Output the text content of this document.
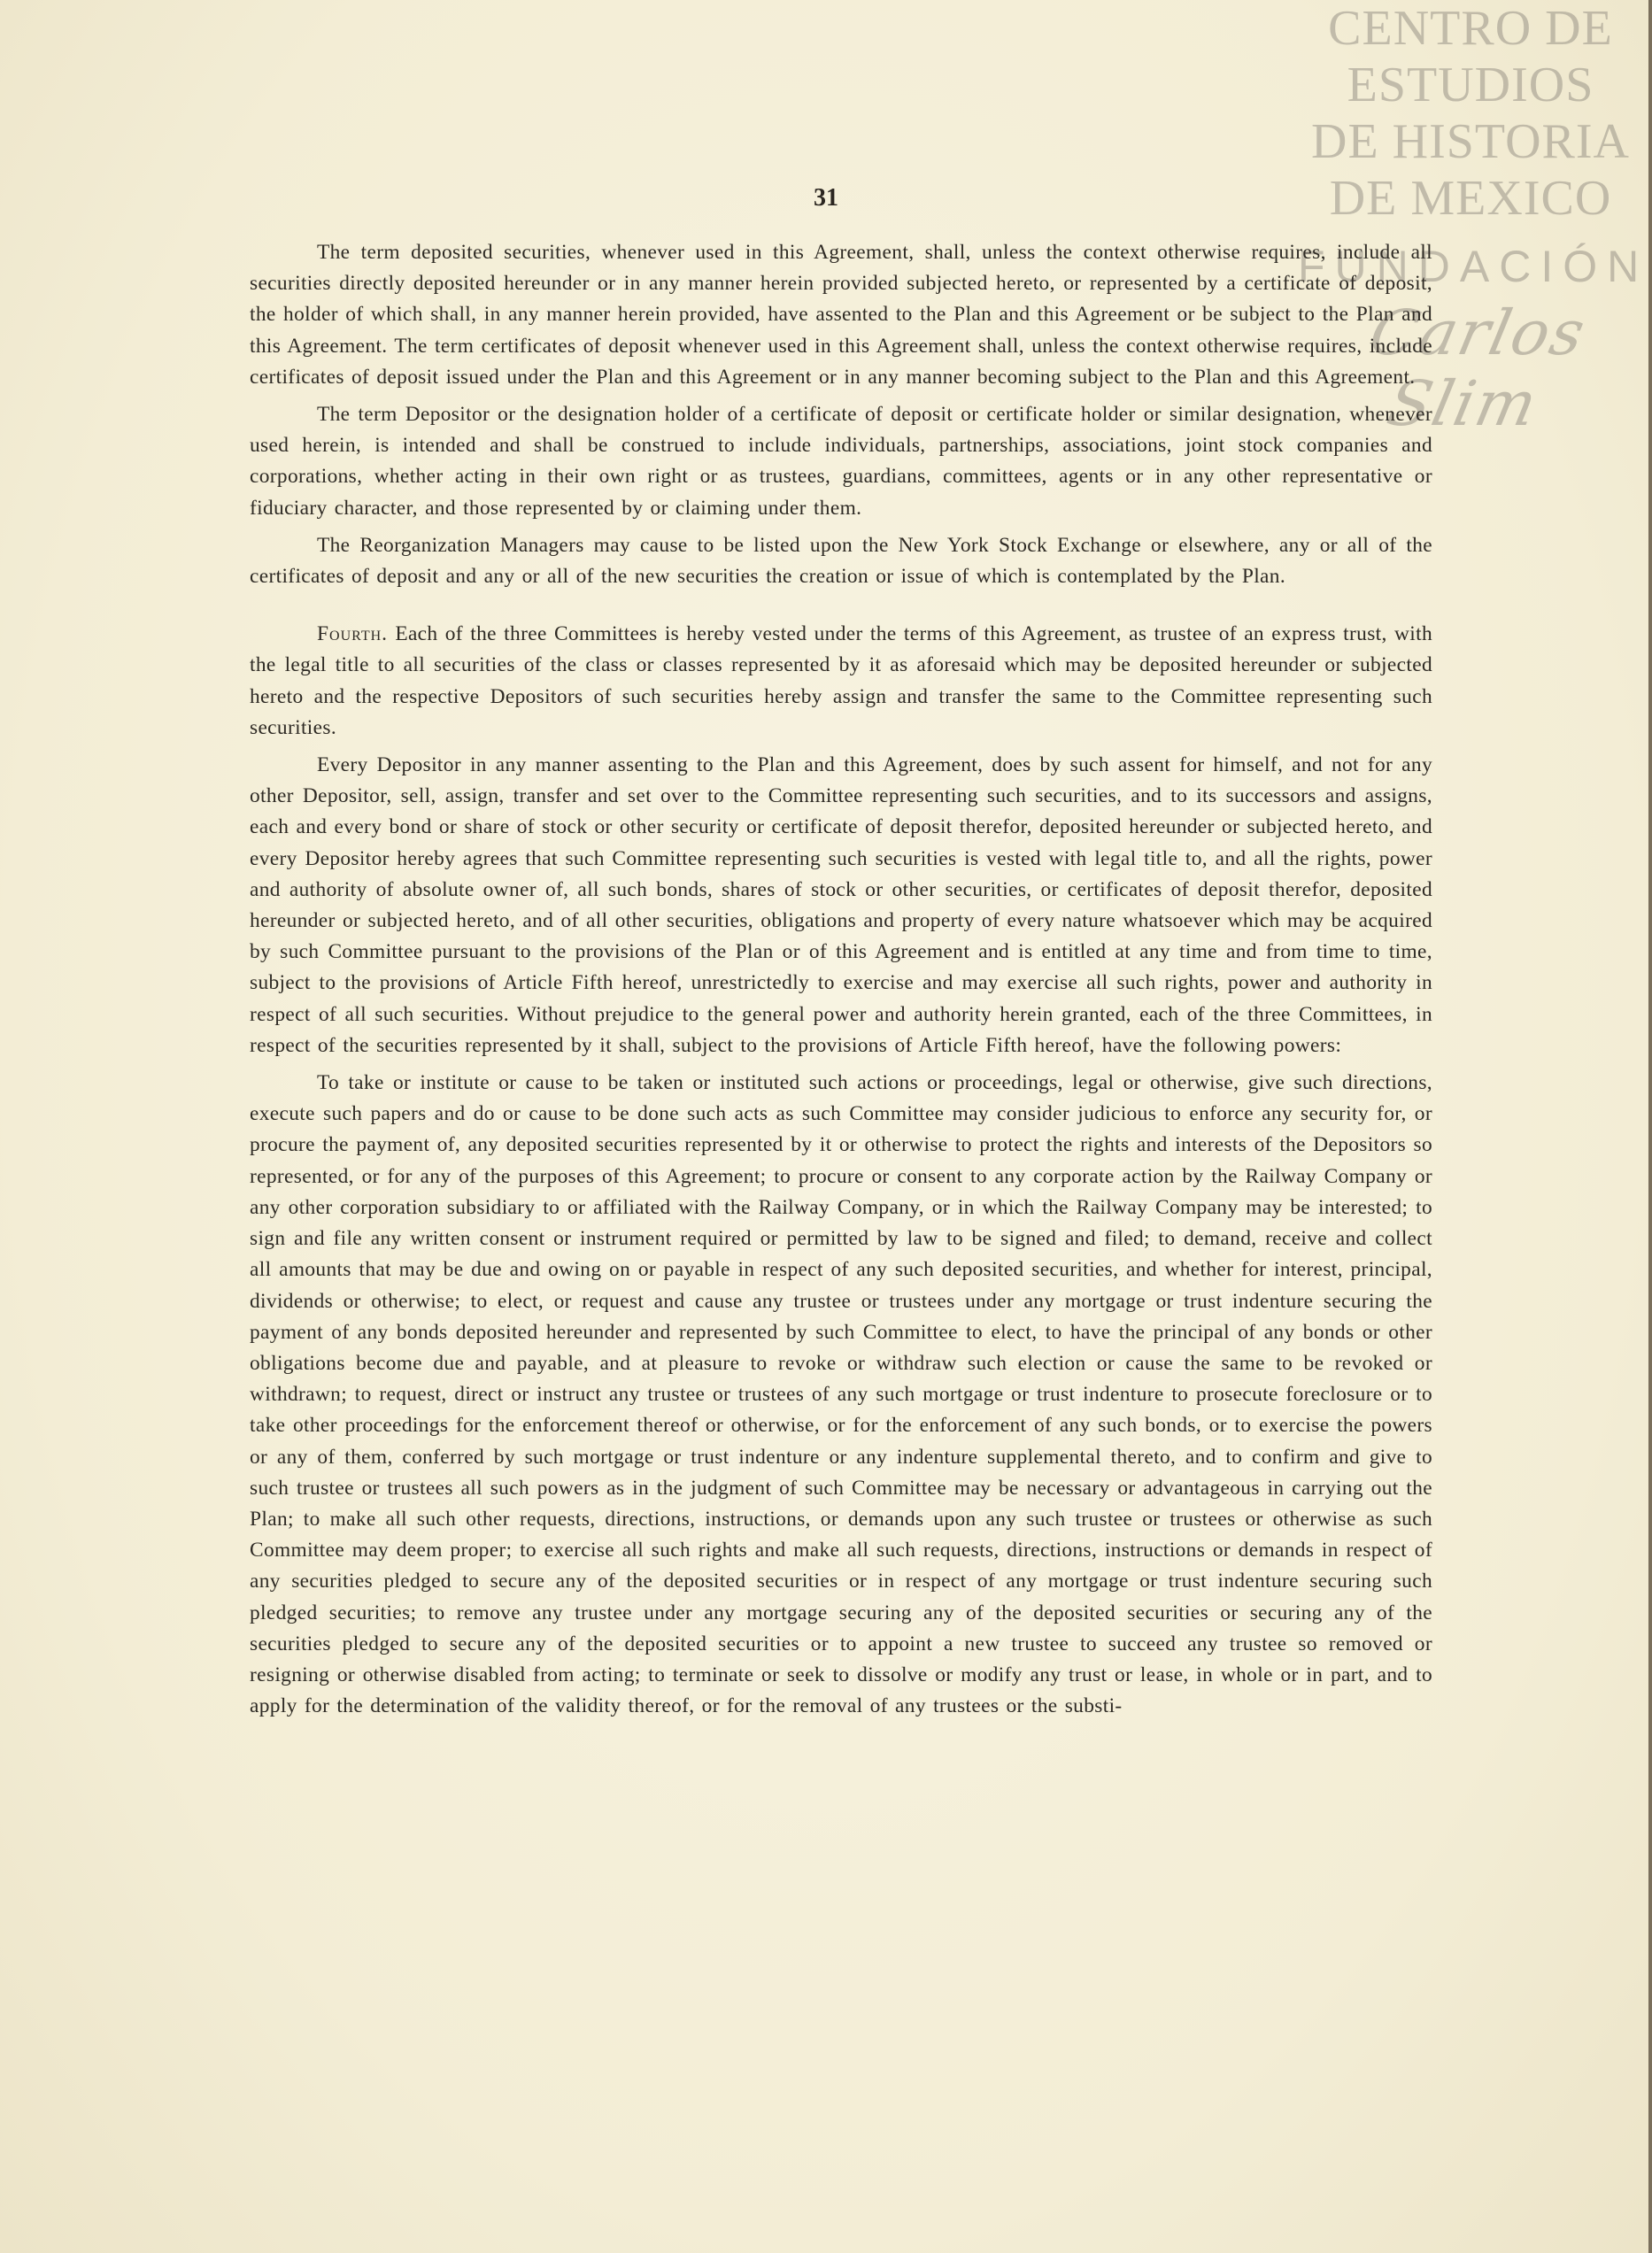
CENTRO DE
ESTUDIOS
DE HISTORIA
DE MEXICO
FUNDACIÓN
Carlos Slim
31

The term deposited securities, whenever used in this Agreement, shall, unless the context otherwise requires, include all securities directly deposited hereunder or in any manner herein provided subjected hereto, or represented by a certificate of deposit, the holder of which shall, in any manner herein provided, have assented to the Plan and this Agreement or be subject to the Plan and this Agreement. The term certificates of deposit whenever used in this Agreement shall, unless the context otherwise requires, include certificates of deposit issued under the Plan and this Agreement or in any manner becoming subject to the Plan and this Agreement.

The term Depositor or the designation holder of a certificate of deposit or certificate holder or similar designation, whenever used herein, is intended and shall be construed to include individuals, partnerships, associations, joint stock companies and corporations, whether acting in their own right or as trustees, guardians, committees, agents or in any other representative or fiduciary character, and those represented by or claiming under them.

The Reorganization Managers may cause to be listed upon the New York Stock Exchange or elsewhere, any or all of the certificates of deposit and any or all of the new securities the creation or issue of which is contemplated by the Plan.

Fourth. Each of the three Committees is hereby vested under the terms of this Agreement, as trustee of an express trust, with the legal title to all securities of the class or classes represented by it as aforesaid which may be deposited hereunder or subjected hereto and the respective Depositors of such securities hereby assign and transfer the same to the Committee representing such securities.

Every Depositor in any manner assenting to the Plan and this Agreement, does by such assent for himself, and not for any other Depositor, sell, assign, transfer and set over to the Committee representing such securities, and to its successors and assigns, each and every bond or share of stock or other security or certificate of deposit therefor, deposited hereunder or subjected hereto, and every Depositor hereby agrees that such Committee representing such securities is vested with legal title to, and all the rights, power and authority of absolute owner of, all such bonds, shares of stock or other securities, or certificates of deposit therefor, deposited hereunder or subjected hereto, and of all other securities, obligations and property of every nature whatsoever which may be acquired by such Committee pursuant to the provisions of the Plan or of this Agreement and is entitled at any time and from time to time, subject to the provisions of Article Fifth hereof, unrestrictedly to exercise and may exercise all such rights, power and authority in respect of all such securities. Without prejudice to the general power and authority herein granted, each of the three Committees, in respect of the securities represented by it shall, subject to the provisions of Article Fifth hereof, have the following powers:

To take or institute or cause to be taken or instituted such actions or proceedings, legal or otherwise, give such directions, execute such papers and do or cause to be done such acts as such Committee may consider judicious to enforce any security for, or procure the payment of, any deposited securities represented by it or otherwise to protect the rights and interests of the Depositors so represented, or for any of the purposes of this Agreement; to procure or consent to any corporate action by the Railway Company or any other corporation subsidiary to or affiliated with the Railway Company, or in which the Railway Company may be interested; to sign and file any written consent or instrument required or permitted by law to be signed and filed; to demand, receive and collect all amounts that may be due and owing on or payable in respect of any such deposited securities, and whether for interest, principal, dividends or otherwise; to elect, or request and cause any trustee or trustees under any mortgage or trust indenture securing the payment of any bonds deposited hereunder and represented by such Committee to elect, to have the principal of any bonds or other obligations become due and payable, and at pleasure to revoke or withdraw such election or cause the same to be revoked or withdrawn; to request, direct or instruct any trustee or trustees of any such mortgage or trust indenture to prosecute foreclosure or to take other proceedings for the enforcement thereof or otherwise, or for the enforcement of any such bonds, or to exercise the powers or any of them, conferred by such mortgage or trust indenture or any indenture supplemental thereto, and to confirm and give to such trustee or trustees all such powers as in the judgment of such Committee may be necessary or advantageous in carrying out the Plan; to make all such other requests, directions, instructions, or demands upon any such trustee or trustees or otherwise as such Committee may deem proper; to exercise all such rights and make all such requests, directions, instructions or demands in respect of any securities pledged to secure any of the deposited securities or in respect of any mortgage or trust indenture securing such pledged securities; to remove any trustee under any mortgage securing any of the deposited securities or securing any of the securities pledged to secure any of the deposited securities or to appoint a new trustee to succeed any trustee so removed or resigning or otherwise disabled from acting; to terminate or seek to dissolve or modify any trust or lease, in whole or in part, and to apply for the determination of the validity thereof, or for the removal of any trustees or the substi-
